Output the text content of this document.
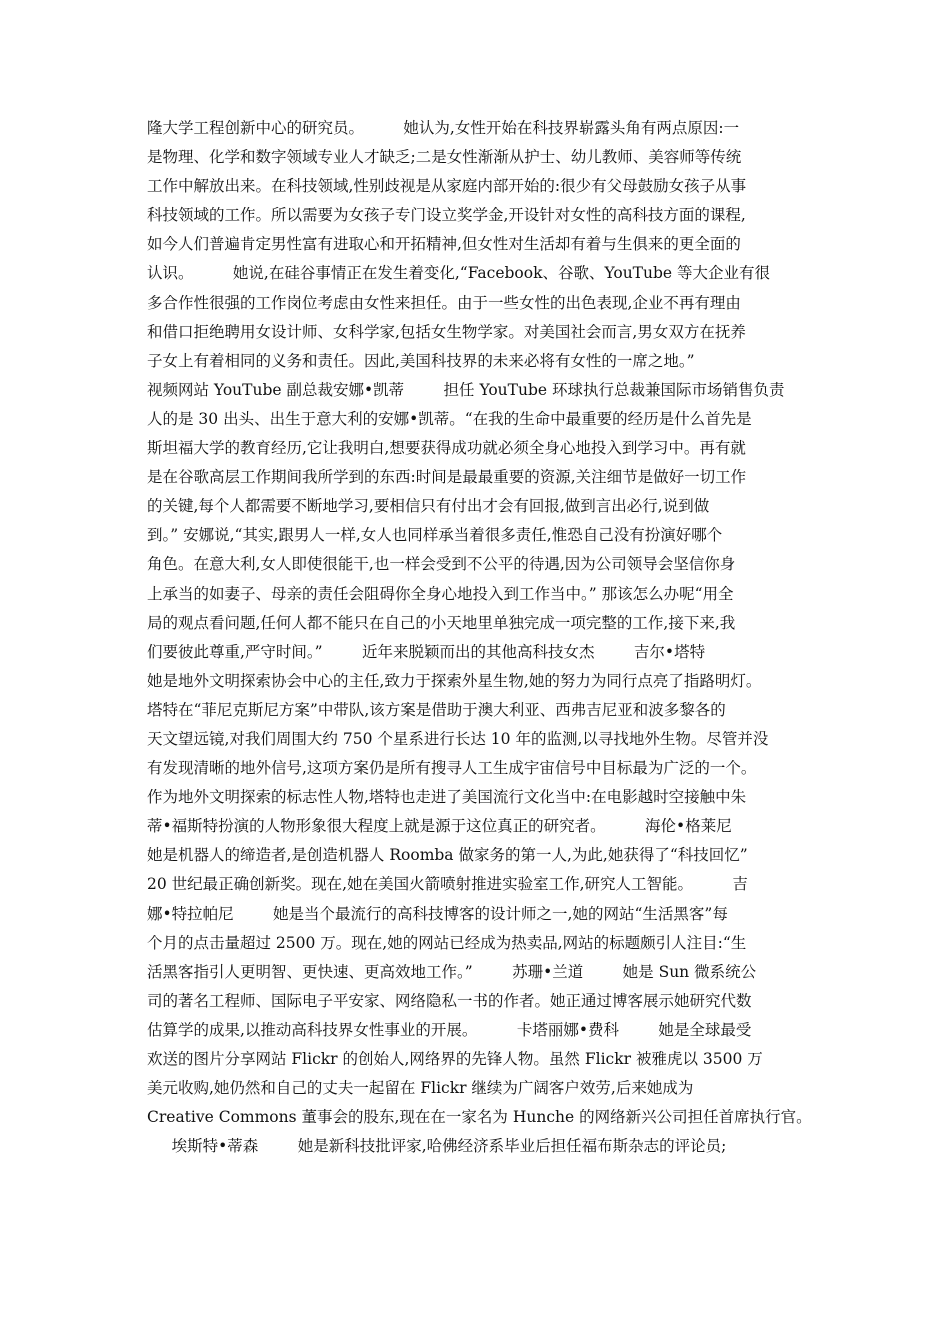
隆大学工程创新中心的研究员。        她认为,女性开始在科技界崭露头角有两点原因:一
是物理、化学和数字领域专业人才缺乏;二是女性渐渐从护士、幼儿教师、美容师等传统
工作中解放出来。在科技领域,性别歧视是从家庭内部开始的:很少有父母鼓励女孩子从事
科技领域的工作。所以需要为女孩子专门设立奖学金,开设针对女性的高科技方面的课程,
如今人们普遍肯定男性富有进取心和开拓精神,但女性对生活却有着与生俱来的更全面的
认识。        她说,在硅谷事情正在发生着变化,“Facebook、谷歌、YouTube 等大企业有很
多合作性很强的工作岗位考虑由女性来担任。由于一些女性的出色表现,企业不再有理由
和借口拒绝聘用女设计师、女科学家,包括女生物学家。对美国社会而言,男女双方在抚养
子女上有着相同的义务和责任。因此,美国科技界的未来必将有女性的一席之地。”
视频网站 YouTube 副总裁安娜•凯蒂        担任 YouTube 环球执行总裁兼国际市场销售负责
人的是 30 出头、出生于意大利的安娜•凯蒂。“在我的生命中最重要的经历是什么首先是
斯坦福大学的教育经历,它让我明白,想要获得成功就必须全身心地投入到学习中。再有就
是在谷歌高层工作期间我所学到的东西:时间是最最重要的资源,关注细节是做好一切工作
的关键,每个人都需要不断地学习,要相信只有付出才会有回报,做到言出必行,说到做
到。” 安娜说,“其实,跟男人一样,女人也同样承当着很多责任,惟恐自己没有扮演好哪个
角色。在意大利,女人即使很能干,也一样会受到不公平的待遇,因为公司领导会坚信你身
上承当的如妻子、母亲的责任会阻碍你全身心地投入到工作当中。” 那该怎么办呢“用全
局的观点看问题,任何人都不能只在自己的小天地里单独完成一项完整的工作,接下来,我
们要彼此尊重,严守时间。”        近年来脱颖而出的其他高科技女杰        吉尔•塔特
她是地外文明探索协会中心的主任,致力于探索外星生物,她的努力为同行点亮了指路明灯。
塔特在“菲尼克斯尼方案”中带队,该方案是借助于澳大利亚、西弗吉尼亚和波多黎各的
天文望远镜,对我们周围大约 750 个星系进行长达 10 年的监测,以寻找地外生物。尽管并没
有发现清晰的地外信号,这项方案仍是所有搜寻人工生成宇宙信号中目标最为广泛的一个。
作为地外文明探索的标志性人物,塔特也走进了美国流行文化当中:在电影越时空接触中朱
蒂•福斯特扮演的人物形象很大程度上就是源于这位真正的研究者。        海伦•格莱尼
她是机器人的缔造者,是创造机器人 Roomba 做家务的第一人,为此,她获得了“科技回忆”
20 世纪最正确创新奖。现在,她在美国火箭喷射推进实验室工作,研究人工智能。        吉
娜•特拉帕尼        她是当个最流行的高科技博客的设计师之一,她的网站“生活黑客”每
个月的点击量超过 2500 万。现在,她的网站已经成为热卖品,网站的标题颇引人注目:“生
活黑客指引人更明智、更快速、更高效地工作。”        苏珊•兰道        她是 Sun 微系统公
司的著名工程师、国际电子平安家、网络隐私一书的作者。她正通过博客展示她研究代数
估算学的成果,以推动高科技界女性事业的开展。        卡塔丽娜•费科        她是全球最受
欢送的图片分享网站 Flickr 的创始人,网络界的先锋人物。虽然 Flickr 被雅虎以 3500 万
美元收购,她仍然和自己的丈夫一起留在 Flickr 继续为广阔客户效劳,后来她成为
Creative Commons 董事会的股东,现在在一家名为 Hunche 的网络新兴公司担任首席执行官。
埃斯特•蒂森        她是新科技批评家,哈佛经济系毕业后担任福布斯杂志的评论员;
